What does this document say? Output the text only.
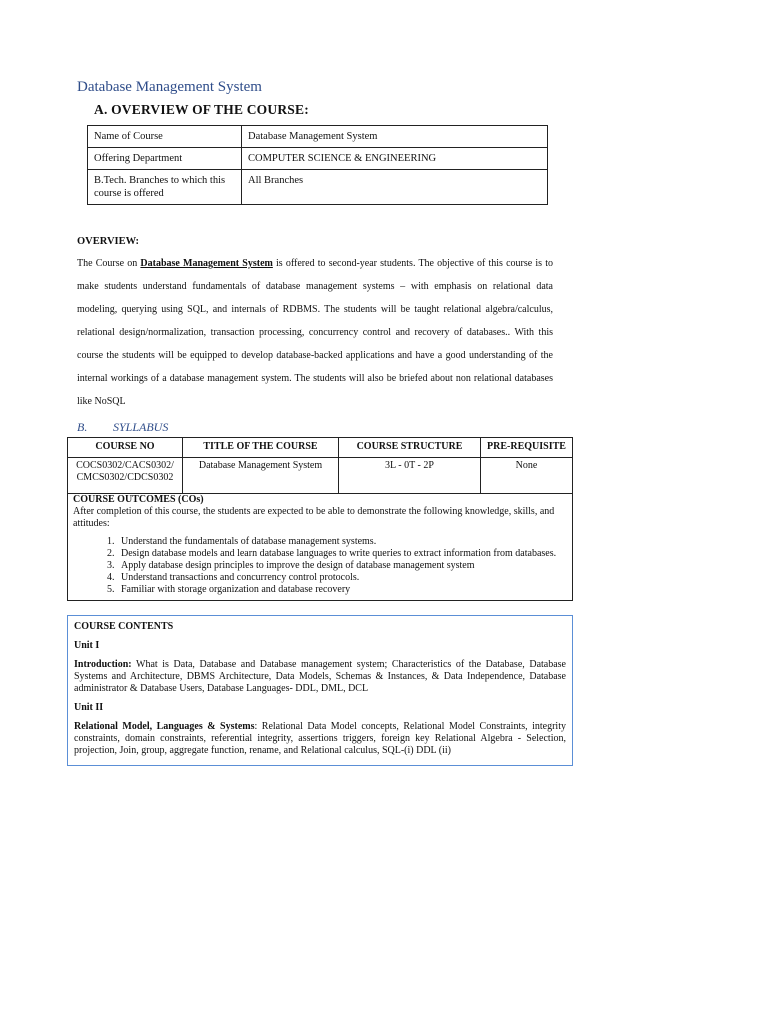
Database Management System
A. OVERVIEW OF THE COURSE:
Name of Course	Database Management System
Offering Department	COMPUTER SCIENCE & ENGINEERING
B.Tech. Branches to which this course is offered	All Branches
OVERVIEW:
The Course on Database Management System is offered to second-year students. The objective of this course is to make students understand fundamentals of database management systems – with emphasis on relational data modeling, querying using SQL, and internals of RDBMS. The students will be taught relational algebra/calculus, relational design/normalization, transaction processing, concurrency control and recovery of databases.. With this course the students will be equipped to develop database-backed applications and have a good understanding of the internal workings of a database management system. The students will also be briefed about non relational databases like NoSQL
B. SYLLABUS
COURSE NO	TITLE OF THE COURSE	COURSE STRUCTURE	PRE-REQUISITE
COCS0302/CACS0302/CMCS0302/CDCS0302	Database Management System	3L - 0T - 2P	None
COURSE OUTCOMES (COs)
After completion of this course, the students are expected to be able to demonstrate the following knowledge, skills, and attitudes:
1. Understand the fundamentals of database management systems.
2. Design database models and learn database languages to write queries to extract information from databases.
3. Apply database design principles to improve the design of database management system
4. Understand transactions and concurrency control protocols.
5. Familiar with storage organization and database recovery

COURSE CONTENTS

Unit I

Introduction: What is Data, Database and Database management system; Characteristics of the Database, Database Systems and Architecture, DBMS Architecture, Data Models, Schemas & Instances, & Data Independence, Database administrator & Database Users, Database Languages- DDL, DML, DCL

Unit II

Relational Model, Languages & Systems: Relational Data Model concepts, Relational Model Constraints, integrity constraints, domain constraints, referential integrity, assertions triggers, foreign key Relational Algebra - Selection, projection, Join, group, aggregate function, rename, and Relational calculus, SQL-(i) DDL (ii)
